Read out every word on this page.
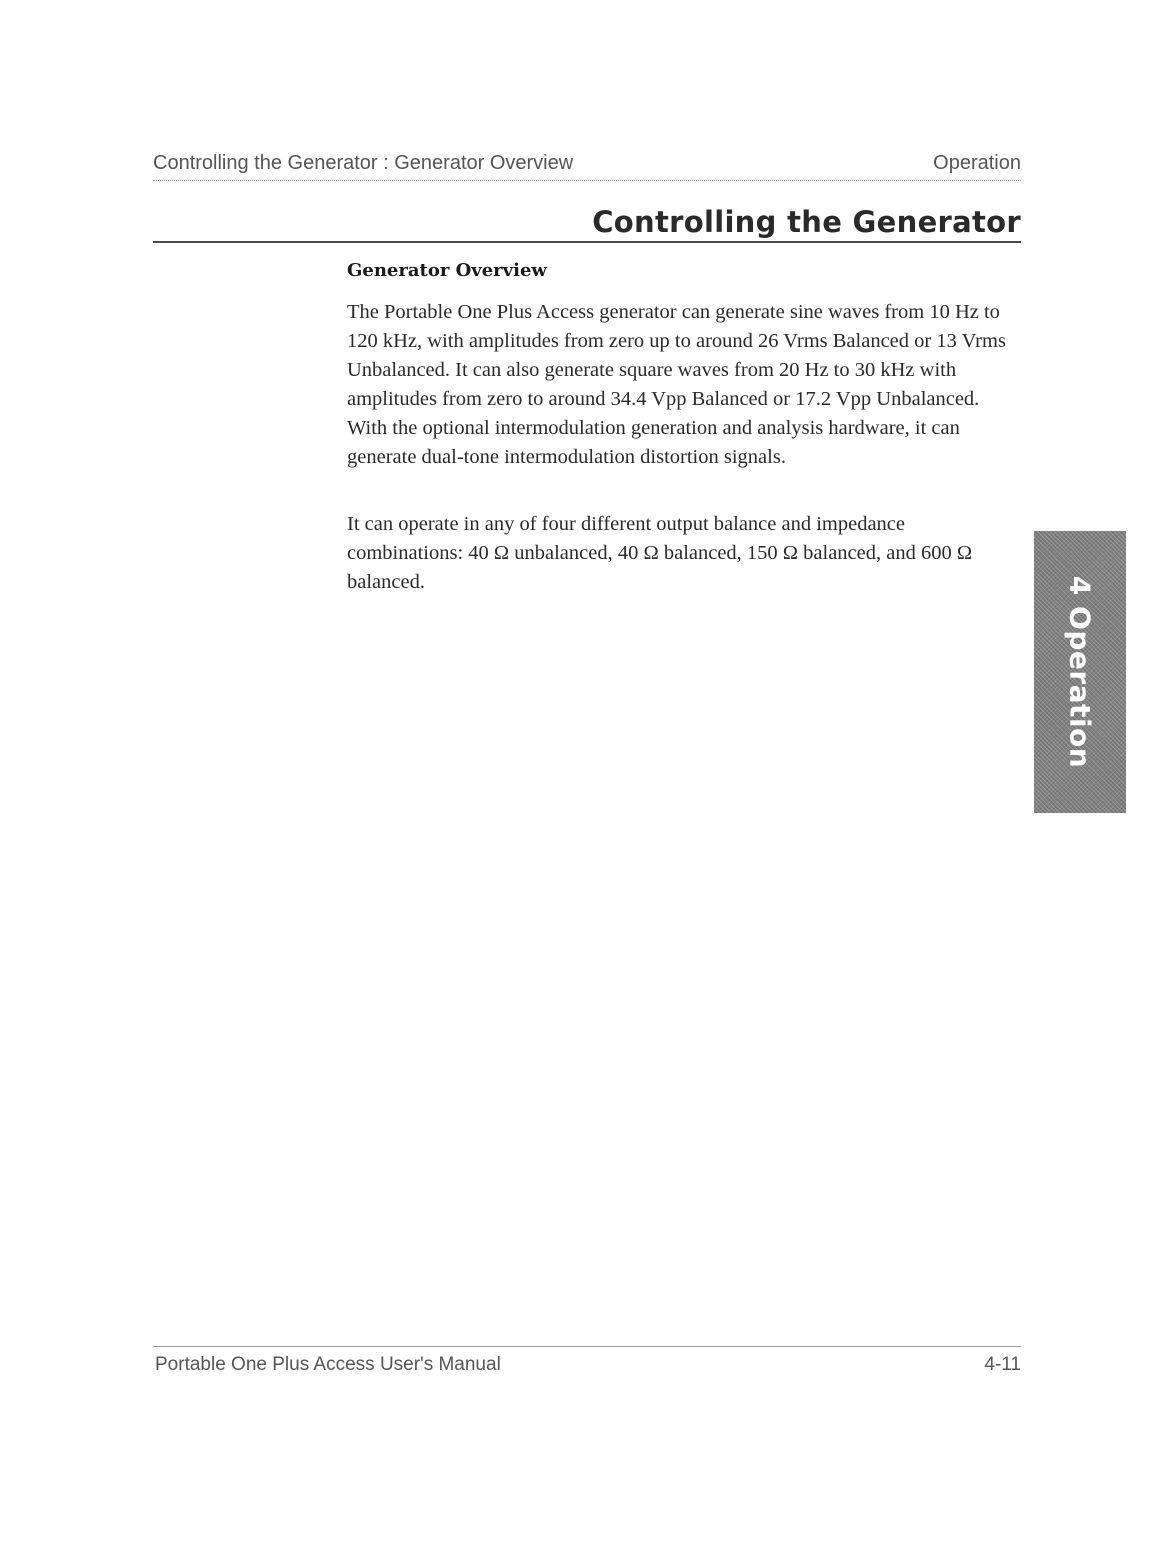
Controlling the Generator : Generator Overview	Operation
Controlling the Generator
Generator Overview

The Portable One Plus Access generator can generate sine waves from 10 Hz to 120 kHz, with amplitudes from zero up to around 26 Vrms Balanced or 13 Vrms Unbalanced. It can also generate square waves from 20 Hz to 30 kHz with amplitudes from zero to around 34.4 Vpp Balanced or 17.2 Vpp Unbalanced. With the optional intermodulation generation and analysis hardware, it can generate dual-tone intermodulation distortion signals.

It can operate in any of four different output balance and impedance combinations: 40 Ω unbalanced, 40 Ω balanced, 150 Ω balanced, and 600 Ω balanced.	4 Operation
Portable One Plus Access User's Manual	4-11
